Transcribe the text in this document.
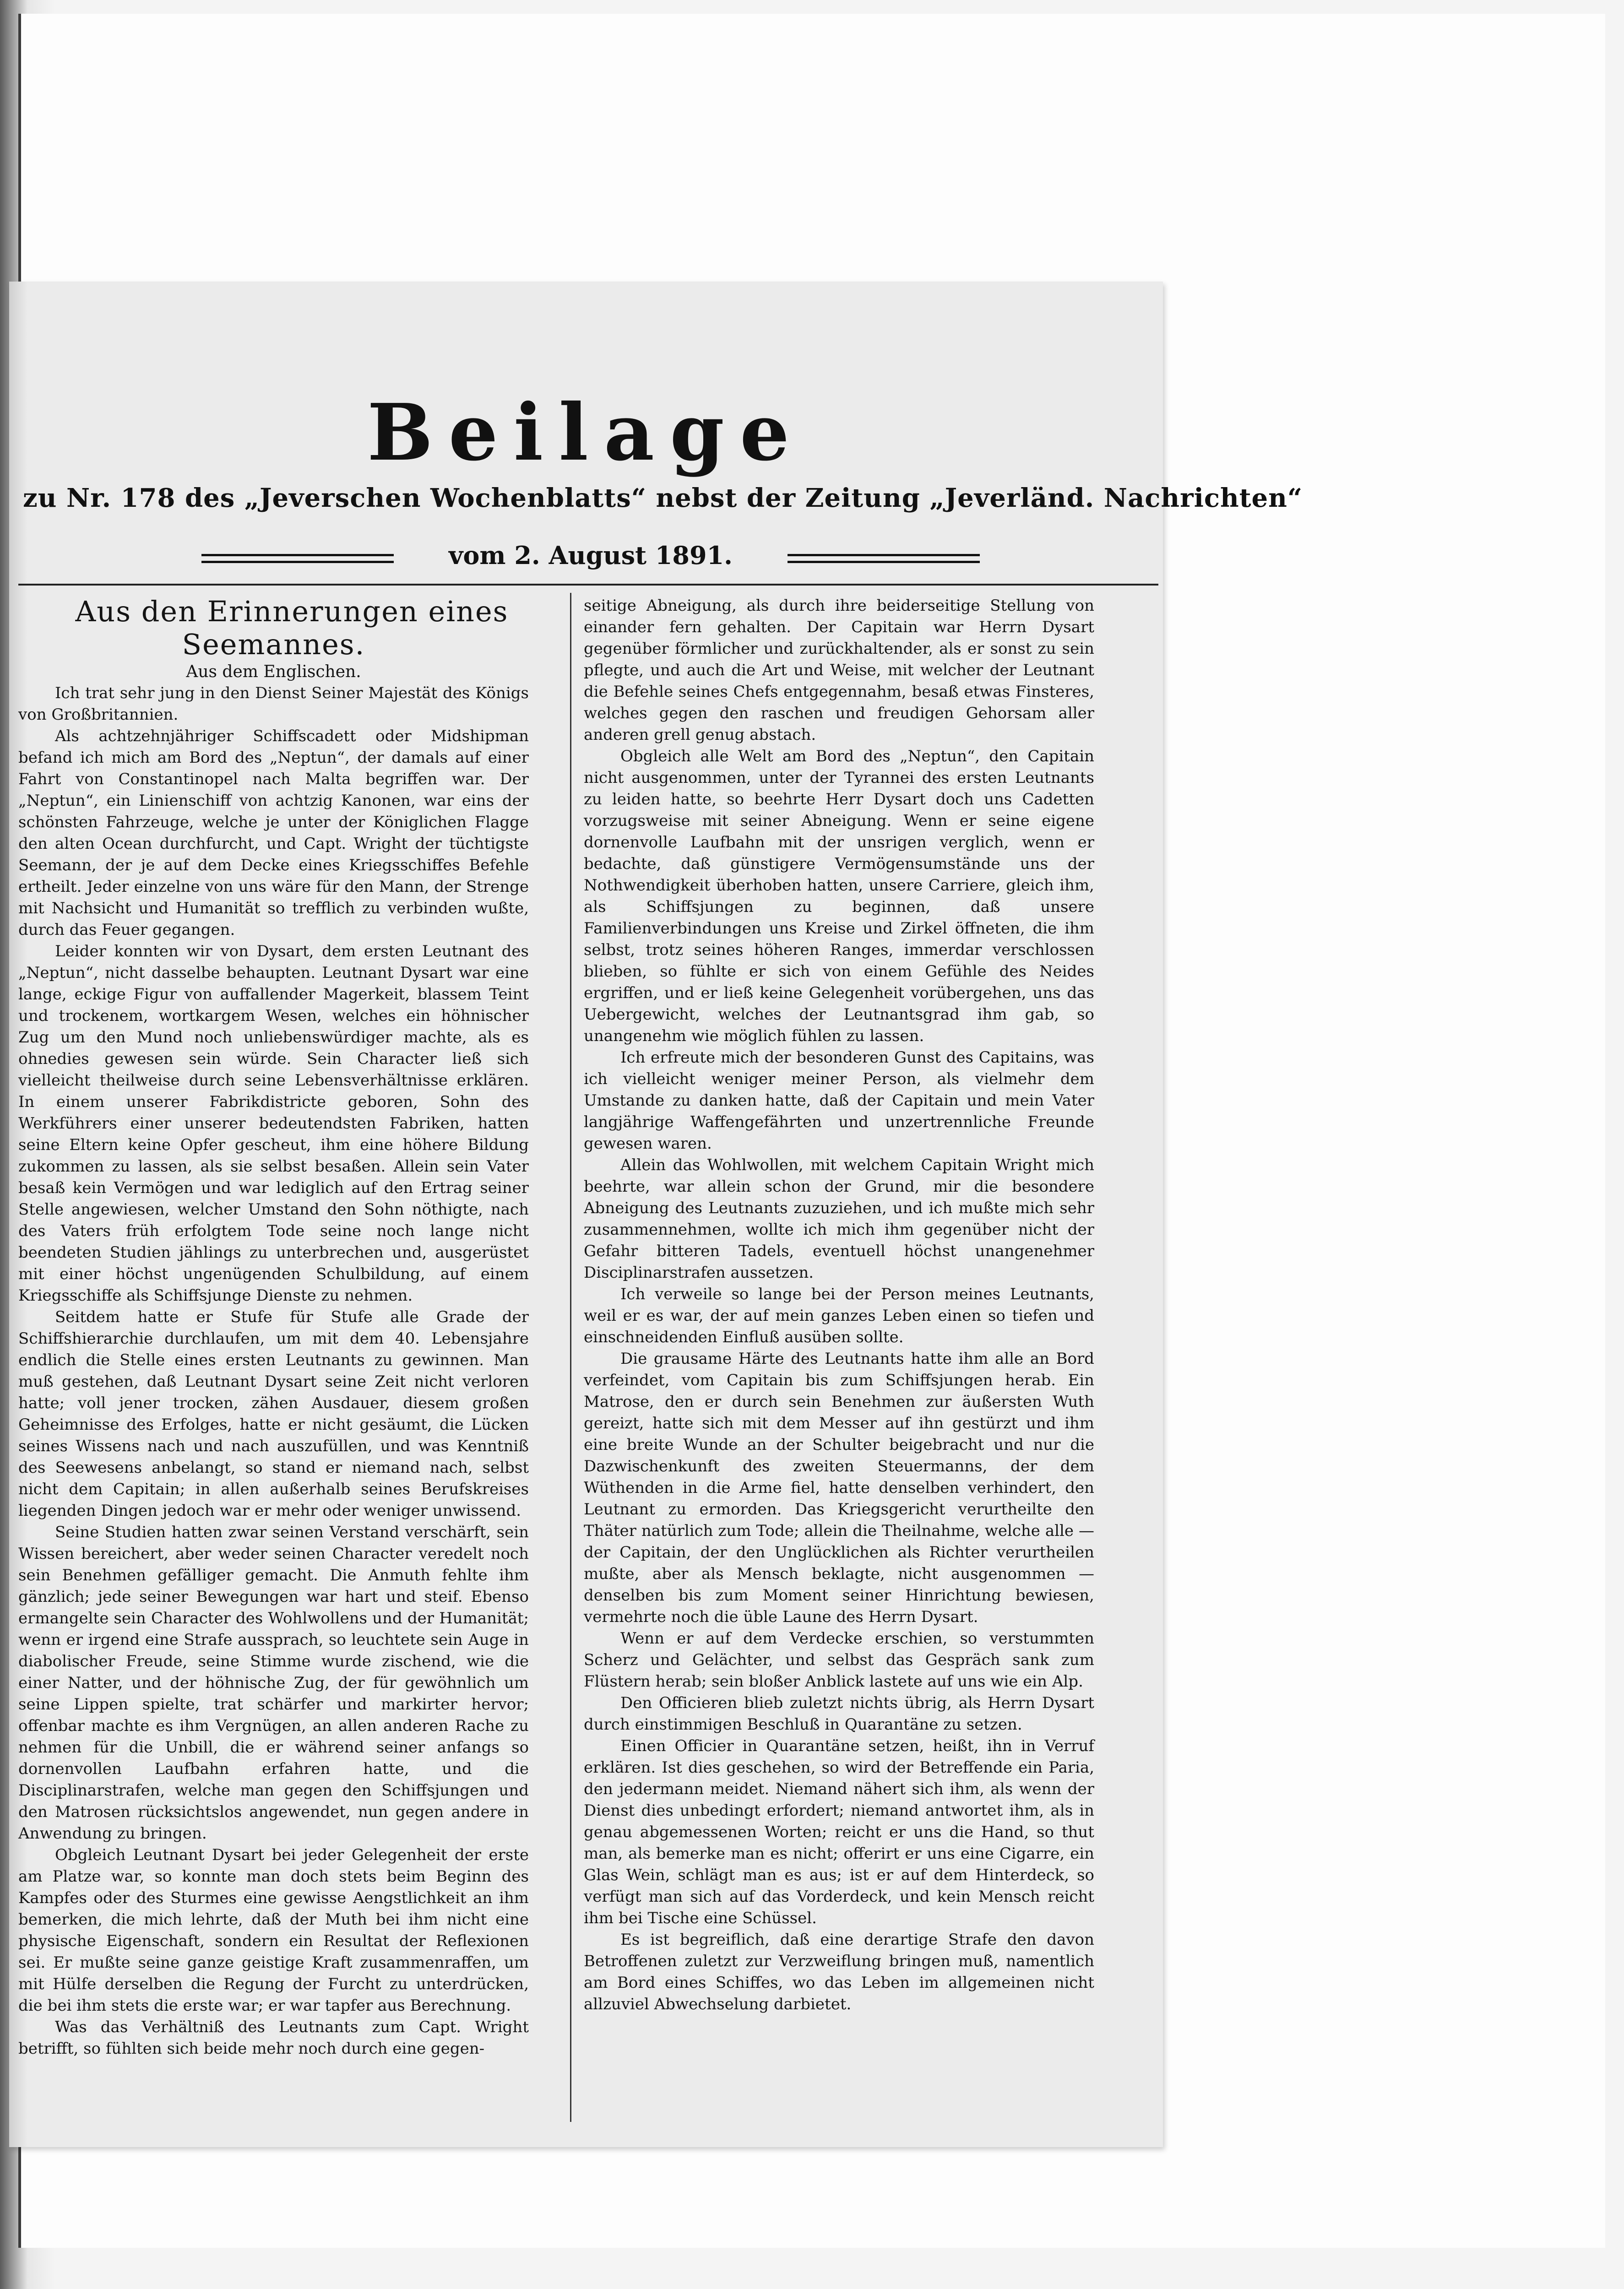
Beilage
zu Nr. 178 des „Jeverschen Wochenblatts“ nebst der Zeitung „Jeverländ. Nachrichten“
vom 2. August 1891.

Aus den Erinnerungen eines Seemannes.

Aus dem Englischen.

Ich trat sehr jung in den Dienst Seiner Majestät des Königs von Großbritannien.

Als achtzehnjähriger Schiffscadett oder Midshipman befand ich mich am Bord des „Neptun“, der damals auf einer Fahrt von Constantinopel nach Malta begriffen war. Der „Neptun“, ein Linienschiff von achtzig Kanonen, war eins der schönsten Fahrzeuge, welche je unter der Königlichen Flagge den alten Ocean durchfurcht, und Capt. Wright der tüchtigste Seemann, der je auf dem Decke eines Kriegsschiffes Befehle ertheilt. Jeder einzelne von uns wäre für den Mann, der Strenge mit Nachsicht und Humanität so trefflich zu verbinden wußte, durch das Feuer gegangen.

Leider konnten wir von Dysart, dem ersten Leutnant des „Neptun“, nicht dasselbe behaupten. Leutnant Dysart war eine lange, eckige Figur von auffallender Magerkeit, blassem Teint und trockenem, wortkargem Wesen, welches ein höhnischer Zug um den Mund noch unliebenswürdiger machte, als es ohnedies gewesen sein würde. Sein Character ließ sich vielleicht theilweise durch seine Lebensverhältnisse erklären. In einem unserer Fabrikdistricte geboren, Sohn des Werkführers einer unserer bedeutendsten Fabriken, hatten seine Eltern keine Opfer gescheut, ihm eine höhere Bildung zukommen zu lassen, als sie selbst besaßen. Allein sein Vater besaß kein Vermögen und war lediglich auf den Ertrag seiner Stelle angewiesen, welcher Umstand den Sohn nöthigte, nach des Vaters früh erfolgtem Tode seine noch lange nicht beendeten Studien jählings zu unterbrechen und, ausgerüstet mit einer höchst ungenügenden Schulbildung, auf einem Kriegsschiffe als Schiffsjunge Dienste zu nehmen.

Seitdem hatte er Stufe für Stufe alle Grade der Schiffshierarchie durchlaufen, um mit dem 40. Lebensjahre endlich die Stelle eines ersten Leutnants zu gewinnen. Man muß gestehen, daß Leutnant Dysart seine Zeit nicht verloren hatte; voll jener trocken, zähen Ausdauer, diesem großen Geheimnisse des Erfolges, hatte er nicht gesäumt, die Lücken seines Wissens nach und nach auszufüllen, und was Kenntniß des Seewesens anbelangt, so stand er niemand nach, selbst nicht dem Capitain; in allen außerhalb seines Berufskreises liegenden Dingen jedoch war er mehr oder weniger unwissend.

Seine Studien hatten zwar seinen Verstand verschärft, sein Wissen bereichert, aber weder seinen Character veredelt noch sein Benehmen gefälliger gemacht. Die Anmuth fehlte ihm gänzlich; jede seiner Bewegungen war hart und steif. Ebenso ermangelte sein Character des Wohlwollens und der Humanität; wenn er irgend eine Strafe aussprach, so leuchtete sein Auge in diabolischer Freude, seine Stimme wurde zischend, wie die einer Natter, und der höhnische Zug, der für gewöhnlich um seine Lippen spielte, trat schärfer und markirter hervor; offenbar machte es ihm Vergnügen, an allen anderen Rache zu nehmen für die Unbill, die er während seiner anfangs so dornenvollen Laufbahn erfahren hatte, und die Disciplinarstrafen, welche man gegen den Schiffsjungen und den Matrosen rücksichtslos angewendet, nun gegen andere in Anwendung zu bringen.

Obgleich Leutnant Dysart bei jeder Gelegenheit der erste am Platze war, so konnte man doch stets beim Beginn des Kampfes oder des Sturmes eine gewisse Aengstlichkeit an ihm bemerken, die mich lehrte, daß der Muth bei ihm nicht eine physische Eigenschaft, sondern ein Resultat der Reflexionen sei. Er mußte seine ganze geistige Kraft zusammenraffen, um mit Hülfe derselben die Regung der Furcht zu unterdrücken, die bei ihm stets die erste war; er war tapfer aus Berechnung.

Was das Verhältniß des Leutnants zum Capt. Wright betrifft, so fühlten sich beide mehr noch durch eine gegen-

seitige Abneigung, als durch ihre beiderseitige Stellung von einander fern gehalten. Der Capitain war Herrn Dysart gegenüber förmlicher und zurückhaltender, als er sonst zu sein pflegte, und auch die Art und Weise, mit welcher der Leutnant die Befehle seines Chefs entgegennahm, besaß etwas Finsteres, welches gegen den raschen und freudigen Gehorsam aller anderen grell genug abstach.

Obgleich alle Welt am Bord des „Neptun“, den Capitain nicht ausgenommen, unter der Tyrannei des ersten Leutnants zu leiden hatte, so beehrte Herr Dysart doch uns Cadetten vorzugsweise mit seiner Abneigung. Wenn er seine eigene dornenvolle Laufbahn mit der unsrigen verglich, wenn er bedachte, daß günstigere Vermögensumstände uns der Nothwendigkeit überhoben hatten, unsere Carriere, gleich ihm, als Schiffsjungen zu beginnen, daß unsere Familienverbindungen uns Kreise und Zirkel öffneten, die ihm selbst, trotz seines höheren Ranges, immerdar verschlossen blieben, so fühlte er sich von einem Gefühle des Neides ergriffen, und er ließ keine Gelegenheit vorübergehen, uns das Uebergewicht, welches der Leutnantsgrad ihm gab, so unangenehm wie möglich fühlen zu lassen.

Ich erfreute mich der besonderen Gunst des Capitains, was ich vielleicht weniger meiner Person, als vielmehr dem Umstande zu danken hatte, daß der Capitain und mein Vater langjährige Waffengefährten und unzertrennliche Freunde gewesen waren.

Allein das Wohlwollen, mit welchem Capitain Wright mich beehrte, war allein schon der Grund, mir die besondere Abneigung des Leutnants zuzuziehen, und ich mußte mich sehr zusammennehmen, wollte ich mich ihm gegenüber nicht der Gefahr bitteren Tadels, eventuell höchst unangenehmer Disciplinarstrafen aussetzen.

Ich verweile so lange bei der Person meines Leutnants, weil er es war, der auf mein ganzes Leben einen so tiefen und einschneidenden Einfluß ausüben sollte.

Die grausame Härte des Leutnants hatte ihm alle an Bord verfeindet, vom Capitain bis zum Schiffsjungen herab. Ein Matrose, den er durch sein Benehmen zur äußersten Wuth gereizt, hatte sich mit dem Messer auf ihn gestürzt und ihm eine breite Wunde an der Schulter beigebracht und nur die Dazwischenkunft des zweiten Steuermanns, der dem Wüthenden in die Arme fiel, hatte denselben verhindert, den Leutnant zu ermorden. Das Kriegsgericht verurtheilte den Thäter natürlich zum Tode; allein die Theilnahme, welche alle — der Capitain, der den Unglücklichen als Richter verurtheilen mußte, aber als Mensch beklagte, nicht ausgenommen — denselben bis zum Moment seiner Hinrichtung bewiesen, vermehrte noch die üble Laune des Herrn Dysart.

Wenn er auf dem Verdecke erschien, so verstummten Scherz und Gelächter, und selbst das Gespräch sank zum Flüstern herab; sein bloßer Anblick lastete auf uns wie ein Alp.

Den Officieren blieb zuletzt nichts übrig, als Herrn Dysart durch einstimmigen Beschluß in Quarantäne zu setzen.

Einen Officier in Quarantäne setzen, heißt, ihn in Verruf erklären. Ist dies geschehen, so wird der Betreffende ein Paria, den jedermann meidet. Niemand nähert sich ihm, als wenn der Dienst dies unbedingt erfordert; niemand antwortet ihm, als in genau abgemessenen Worten; reicht er uns die Hand, so thut man, als bemerke man es nicht; offerirt er uns eine Cigarre, ein Glas Wein, schlägt man es aus; ist er auf dem Hinterdeck, so verfügt man sich auf das Vorderdeck, und kein Mensch reicht ihm bei Tische eine Schüssel.

Es ist begreiflich, daß eine derartige Strafe den davon Betroffenen zuletzt zur Verzweiflung bringen muß, namentlich am Bord eines Schiffes, wo das Leben im allgemeinen nicht allzuviel Abwechselung darbietet.
